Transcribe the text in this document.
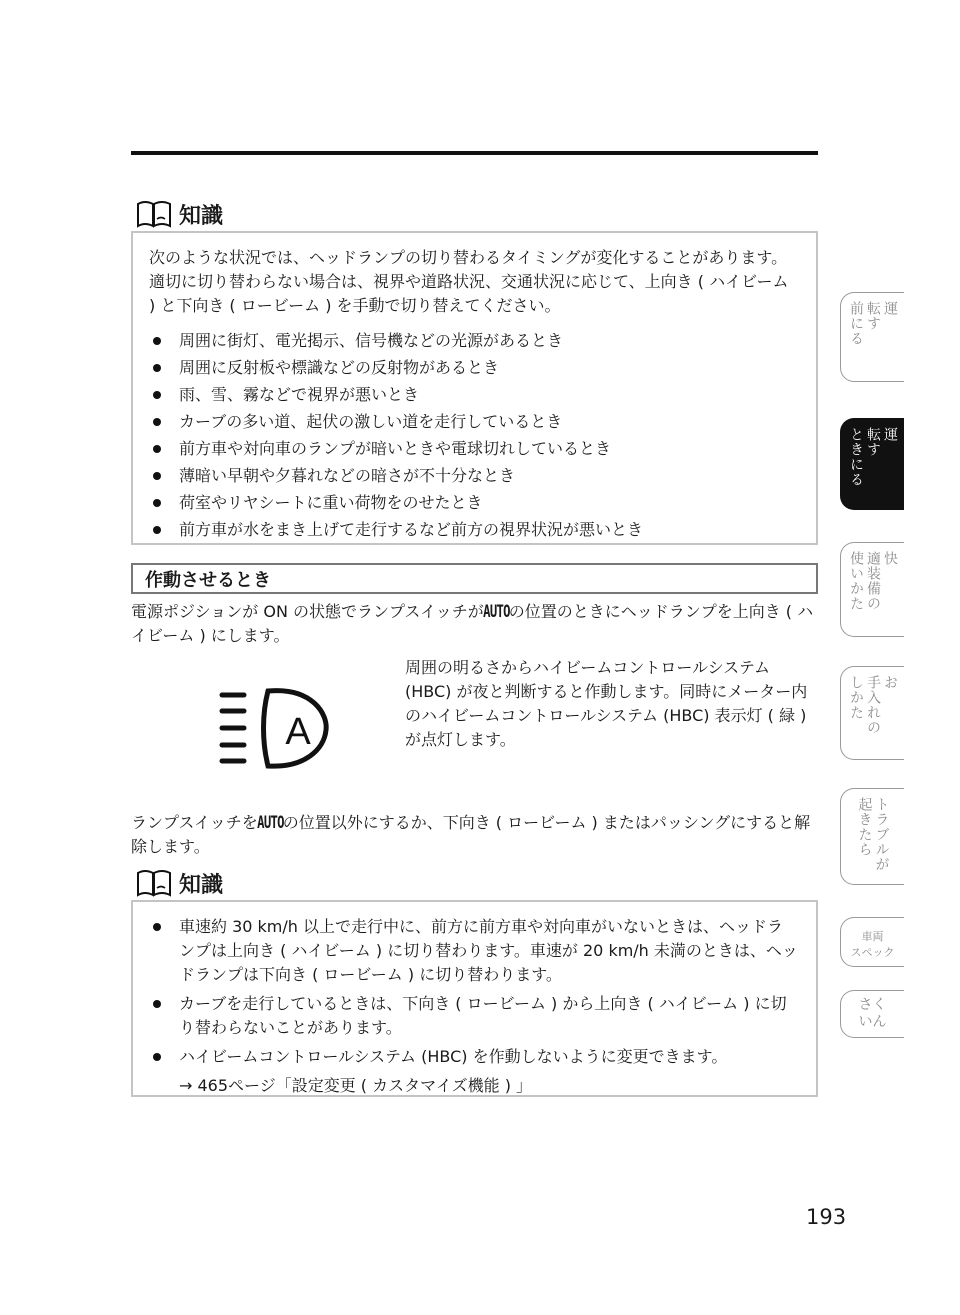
知識

次のような状況では、ヘッドランプの切り替わるタイミングが変化することがあります。適切に切り替わらない場合は、視界や道路状況、交通状況に応じて、上向き ( ハイビーム ) と下向き ( ロービーム ) を手動で切り替えてください。

周囲に街灯、電光掲示、信号機などの光源があるとき
周囲に反射板や標識などの反射物があるとき
雨、雪、霧などで視界が悪いとき
カーブの多い道、起伏の激しい道を走行しているとき
前方車や対向車のランプが暗いときや電球切れしているとき
薄暗い早朝や夕暮れなどの暗さが不十分なとき
荷室やリヤシートに重い荷物をのせたとき
前方車が水をまき上げて走行するなど前方の視界状況が悪いとき
作動させるとき

電源ポジションが ON の状態でランプスイッチがAUTOの位置のときにヘッドランプを上向き ( ハイビーム ) にします。

A

周囲の明るさからハイビームコントロールシステム (HBC) が夜と判断すると作動します。同時にメーター内のハイビームコントロールシステム (HBC) 表示灯 ( 緑 ) が点灯します。

ランプスイッチをAUTOの位置以外にするか、下向き ( ロービーム ) またはパッシングにすると解除します。

知識
車速約 30 km/h 以上で走行中に、前方に前方車や対向車がいないときは、ヘッドランプは上向き ( ハイビーム ) に切り替わります。車速が 20 km/h 未満のときは、ヘッドランプは下向き ( ロービーム ) に切り替わります。
カーブを走行しているときは、下向き ( ロービーム ) から上向き ( ハイビーム ) に切り替わらないことがあります。
ハイビームコントロールシステム (HBC) を作動しないように変更できます。

→ 465ページ「設定変更 ( カスタマイズ機能 ) 」

運
転す
前にる
運
転す
ときにる
快
適装備の
使いかた
お
手入れの
しかた
トラブルが
起きたら
車両
スペック
さく
いん
193
